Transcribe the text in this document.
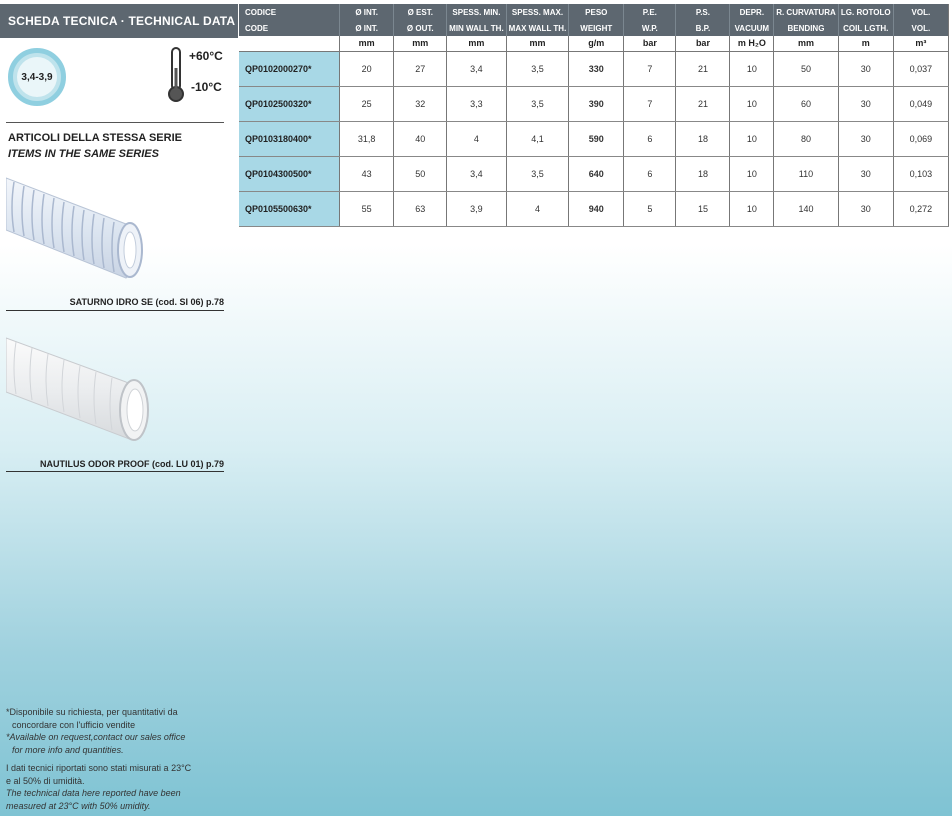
SCHEDA TECNICA · TECHNICAL DATA
3,4-3,9
+60°C
-10°C
ARTICOLI DELLA STESSA SERIE
ITEMS IN THE SAME SERIES
SATURNO IDRO SE (cod. SI 06) p.78
NAUTILUS ODOR PROOF (cod. LU 01) p.79
*Disponibile su richiesta, per quantitativi da
concordare con l'ufficio vendite
*Available on request,contact our sales office
for more info and quantities.
I dati tecnici riportati sono stati misurati a 23°C
e al 50% di umidità.
The technical data here reported have been
measured at 23°C with 50% umidity.
CODICE	Ø INT.	Ø EST.	SPESS. MIN.	SPESS. MAX.	PESO	P.E.	P.S.	DEPR.	R. CURVATURA	LG. ROTOLO	VOL.
CODE	Ø INT.	Ø OUT.	MIN WALL TH.	MAX WALL TH.	WEIGHT	W.P.	B.P.	VACUUM	BENDING	COIL LGTH.	VOL.
	mm	mm	mm	mm	g/m	bar	bar	m H₂O	mm	m	m³
QP0102000270*	20	27	3,4	3,5	330	7	21	10	50	30	0,037
QP0102500320*	25	32	3,3	3,5	390	7	21	10	60	30	0,049
QP0103180400*	31,8	40	4	4,1	590	6	18	10	80	30	0,069
QP0104300500*	43	50	3,4	3,5	640	6	18	10	110	30	0,103
QP0105500630*	55	63	3,9	4	940	5	15	10	140	30	0,272
